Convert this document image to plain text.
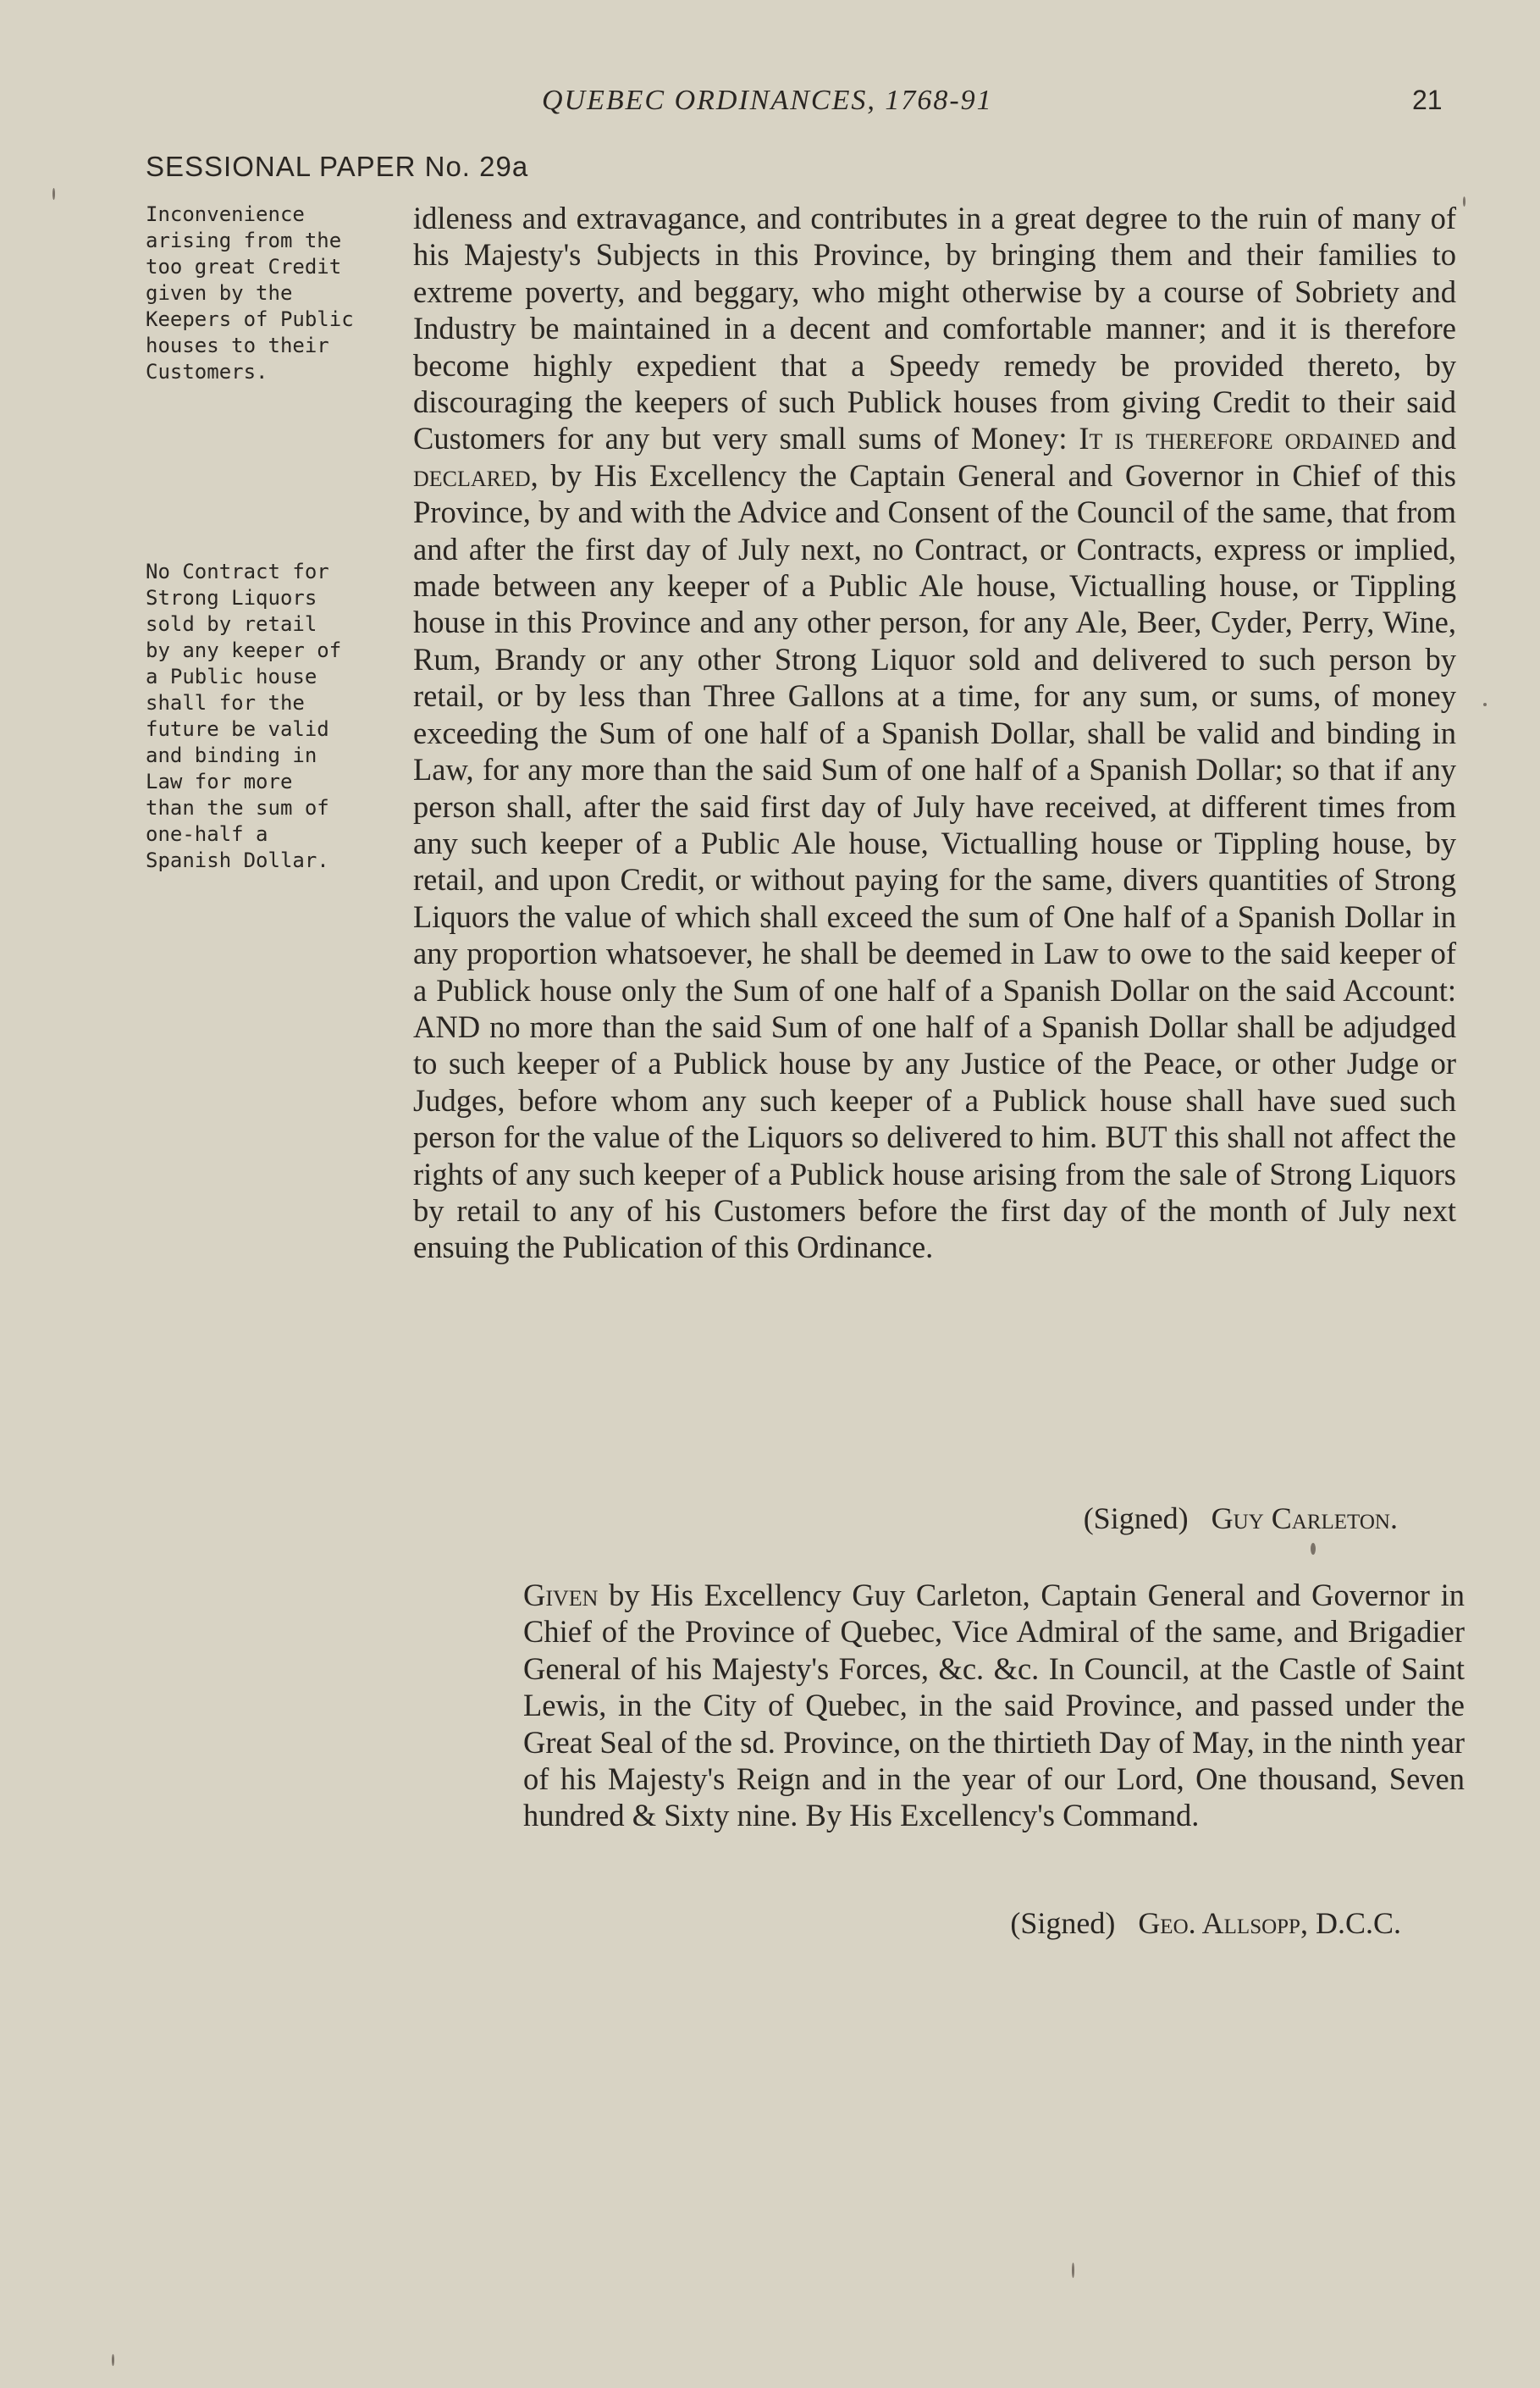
QUEBEC ORDINANCES, 1768-91	21
SESSIONAL PAPER No. 29a
Inconvenience
arising from the
too great Credit
given by the
Keepers of Public
houses to their
Customers.
No Contract for
Strong Liquors
sold by retail
by any keeper of
a Public house
shall for the
future be valid
and binding in
Law for more
than the sum of
one-half a
Spanish Dollar.

idleness and extravagance, and contributes in a great degree to the ruin of many of his Majesty's Subjects in this Province, by bringing them and their families to extreme poverty, and beggary, who might otherwise by a course of Sobriety and Industry be maintained in a decent and comfortable manner; and it is therefore become highly expedient that a Speedy remedy be provided thereto, by discouraging the keepers of such Publick houses from giving Credit to their said Customers for any but very small sums of Money: It is therefore ordained and declared, by His Excellency the Captain General and Governor in Chief of this Province, by and with the Advice and Consent of the Council of the same, that from and after the first day of July next, no Contract, or Contracts, express or implied, made between any keeper of a Public Ale house, Victualling house, or Tippling house in this Province and any other person, for any Ale, Beer, Cyder, Perry, Wine, Rum, Brandy or any other Strong Liquor sold and delivered to such person by retail, or by less than Three Gallons at a time, for any sum, or sums, of money exceeding the Sum of one half of a Spanish Dollar, shall be valid and binding in Law, for any more than the said Sum of one half of a Spanish Dollar; so that if any person shall, after the said first day of July have received, at different times from any such keeper of a Public Ale house, Victualling house or Tippling house, by retail, and upon Credit, or without paying for the same, divers quantities of Strong Liquors the value of which shall exceed the sum of One half of a Spanish Dollar in any proportion whatsoever, he shall be deemed in Law to owe to the said keeper of a Publick house only the Sum of one half of a Spanish Dollar on the said Account: AND no more than the said Sum of one half of a Spanish Dollar shall be adjudged to such keeper of a Publick house by any Justice of the Peace, or other Judge or Judges, before whom any such keeper of a Publick house shall have sued such person for the value of the Liquors so delivered to him. BUT this shall not affect the rights of any such keeper of a Publick house arising from the sale of Strong Liquors by retail to any of his Customers before the first day of the month of July next ensuing the Publication of this Ordinance.

(Signed) Guy Carleton.

Given by His Excellency Guy Carleton, Captain General and Governor in Chief of the Province of Quebec, Vice Admiral of the same, and Brigadier General of his Majesty's Forces, &c. &c. In Council, at the Castle of Saint Lewis, in the City of Quebec, in the said Province, and passed under the Great Seal of the sd. Province, on the thirtieth Day of May, in the ninth year of his Majesty's Reign and in the year of our Lord, One thousand, Seven hundred & Sixty nine. By His Excellency's Command.

(Signed) Geo. Allsopp, D.C.C.
